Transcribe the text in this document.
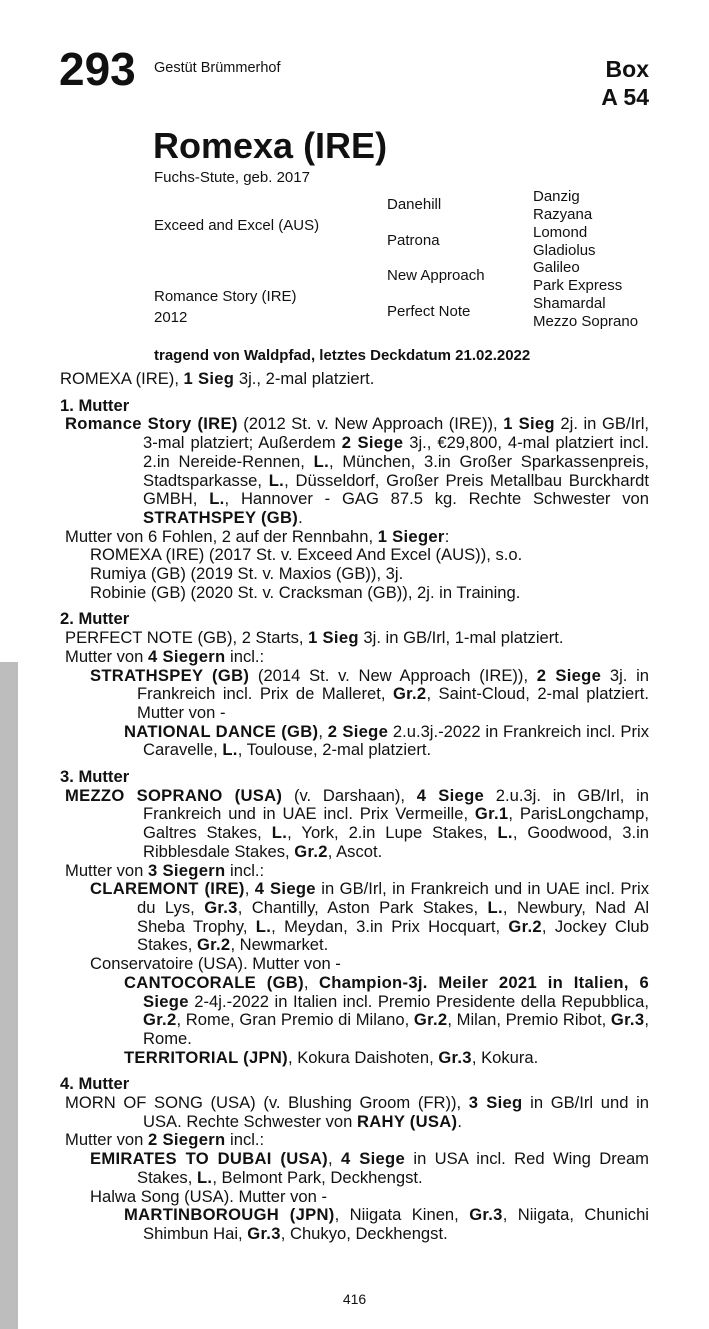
293 Gestüt Brümmerhof	Box
A 54
Romexa (IRE)
Fuchs-Stute, geb. 2017
Exceed and Excel (AUS)
Romance Story (IRE)
2012
Danehill
Patrona
New Approach
Perfect Note
Danzig
Razyana
Lomond
Gladiolus
Galileo
Park Express
Shamardal
Mezzo Soprano
tragend von Waldpfad, letztes Deckdatum 21.02.2022
ROMEXA (IRE), 1 Sieg 3j., 2-mal platziert.
1. Mutter
Romance Story (IRE) (2012 St. v. New Approach (IRE)), 1 Sieg 2j. in GB/Irl, 3-mal platziert; Außerdem 2 Siege 3j., €29,800, 4-mal platziert incl. 2.in Nereide-Rennen, L., München, 3.in Großer Sparkassenpreis, Stadtsparkasse, L., Düsseldorf, Großer Preis Metallbau Burckhardt GMBH, L., Hannover - GAG 87.5 kg. Rechte Schwester von STRATHSPEY (GB).
Mutter von 6 Fohlen, 2 auf der Rennbahn, 1 Sieger:
ROMEXA (IRE) (2017 St. v. Exceed And Excel (AUS)), s.o.
Rumiya (GB) (2019 St. v. Maxios (GB)), 3j.
Robinie (GB) (2020 St. v. Cracksman (GB)), 2j. in Training.
2. Mutter
PERFECT NOTE (GB), 2 Starts, 1 Sieg 3j. in GB/Irl, 1-mal platziert.
Mutter von 4 Siegern incl.:
STRATHSPEY (GB) (2014 St. v. New Approach (IRE)), 2 Siege 3j. in Frankreich incl. Prix de Malleret, Gr.2, Saint-Cloud, 2-mal platziert. Mutter von -
NATIONAL DANCE (GB), 2 Siege 2.u.3j.-2022 in Frankreich incl. Prix Caravelle, L., Toulouse, 2-mal platziert.
3. Mutter
MEZZO SOPRANO (USA) (v. Darshaan), 4 Siege 2.u.3j. in GB/Irl, in Frankreich und in UAE incl. Prix Vermeille, Gr.1, ParisLongchamp, Galtres Stakes, L., York, 2.in Lupe Stakes, L., Goodwood, 3.in Ribblesdale Stakes, Gr.2, Ascot.
Mutter von 3 Siegern incl.:
CLAREMONT (IRE), 4 Siege in GB/Irl, in Frankreich und in UAE incl. Prix du Lys, Gr.3, Chantilly, Aston Park Stakes, L., Newbury, Nad Al Sheba Trophy, L., Meydan, 3.in Prix Hocquart, Gr.2, Jockey Club Stakes, Gr.2, Newmarket.
Conservatoire (USA). Mutter von -
CANTOCORALE (GB), Champion-3j. Meiler 2021 in Italien, 6 Siege 2-4j.-2022 in Italien incl. Premio Presidente della Repubblica, Gr.2, Rome, Gran Premio di Milano, Gr.2, Milan, Premio Ribot, Gr.3, Rome.
TERRITORIAL (JPN), Kokura Daishoten, Gr.3, Kokura.
4. Mutter
MORN OF SONG (USA) (v. Blushing Groom (FR)), 3 Sieg in GB/Irl und in USA. Rechte Schwester von RAHY (USA).
Mutter von 2 Siegern incl.:
EMIRATES TO DUBAI (USA), 4 Siege in USA incl. Red Wing Dream Stakes, L., Belmont Park, Deckhengst.
Halwa Song (USA). Mutter von -
MARTINBOROUGH (JPN), Niigata Kinen, Gr.3, Niigata, Chunichi Shimbun Hai, Gr.3, Chukyo, Deckhengst.
416
